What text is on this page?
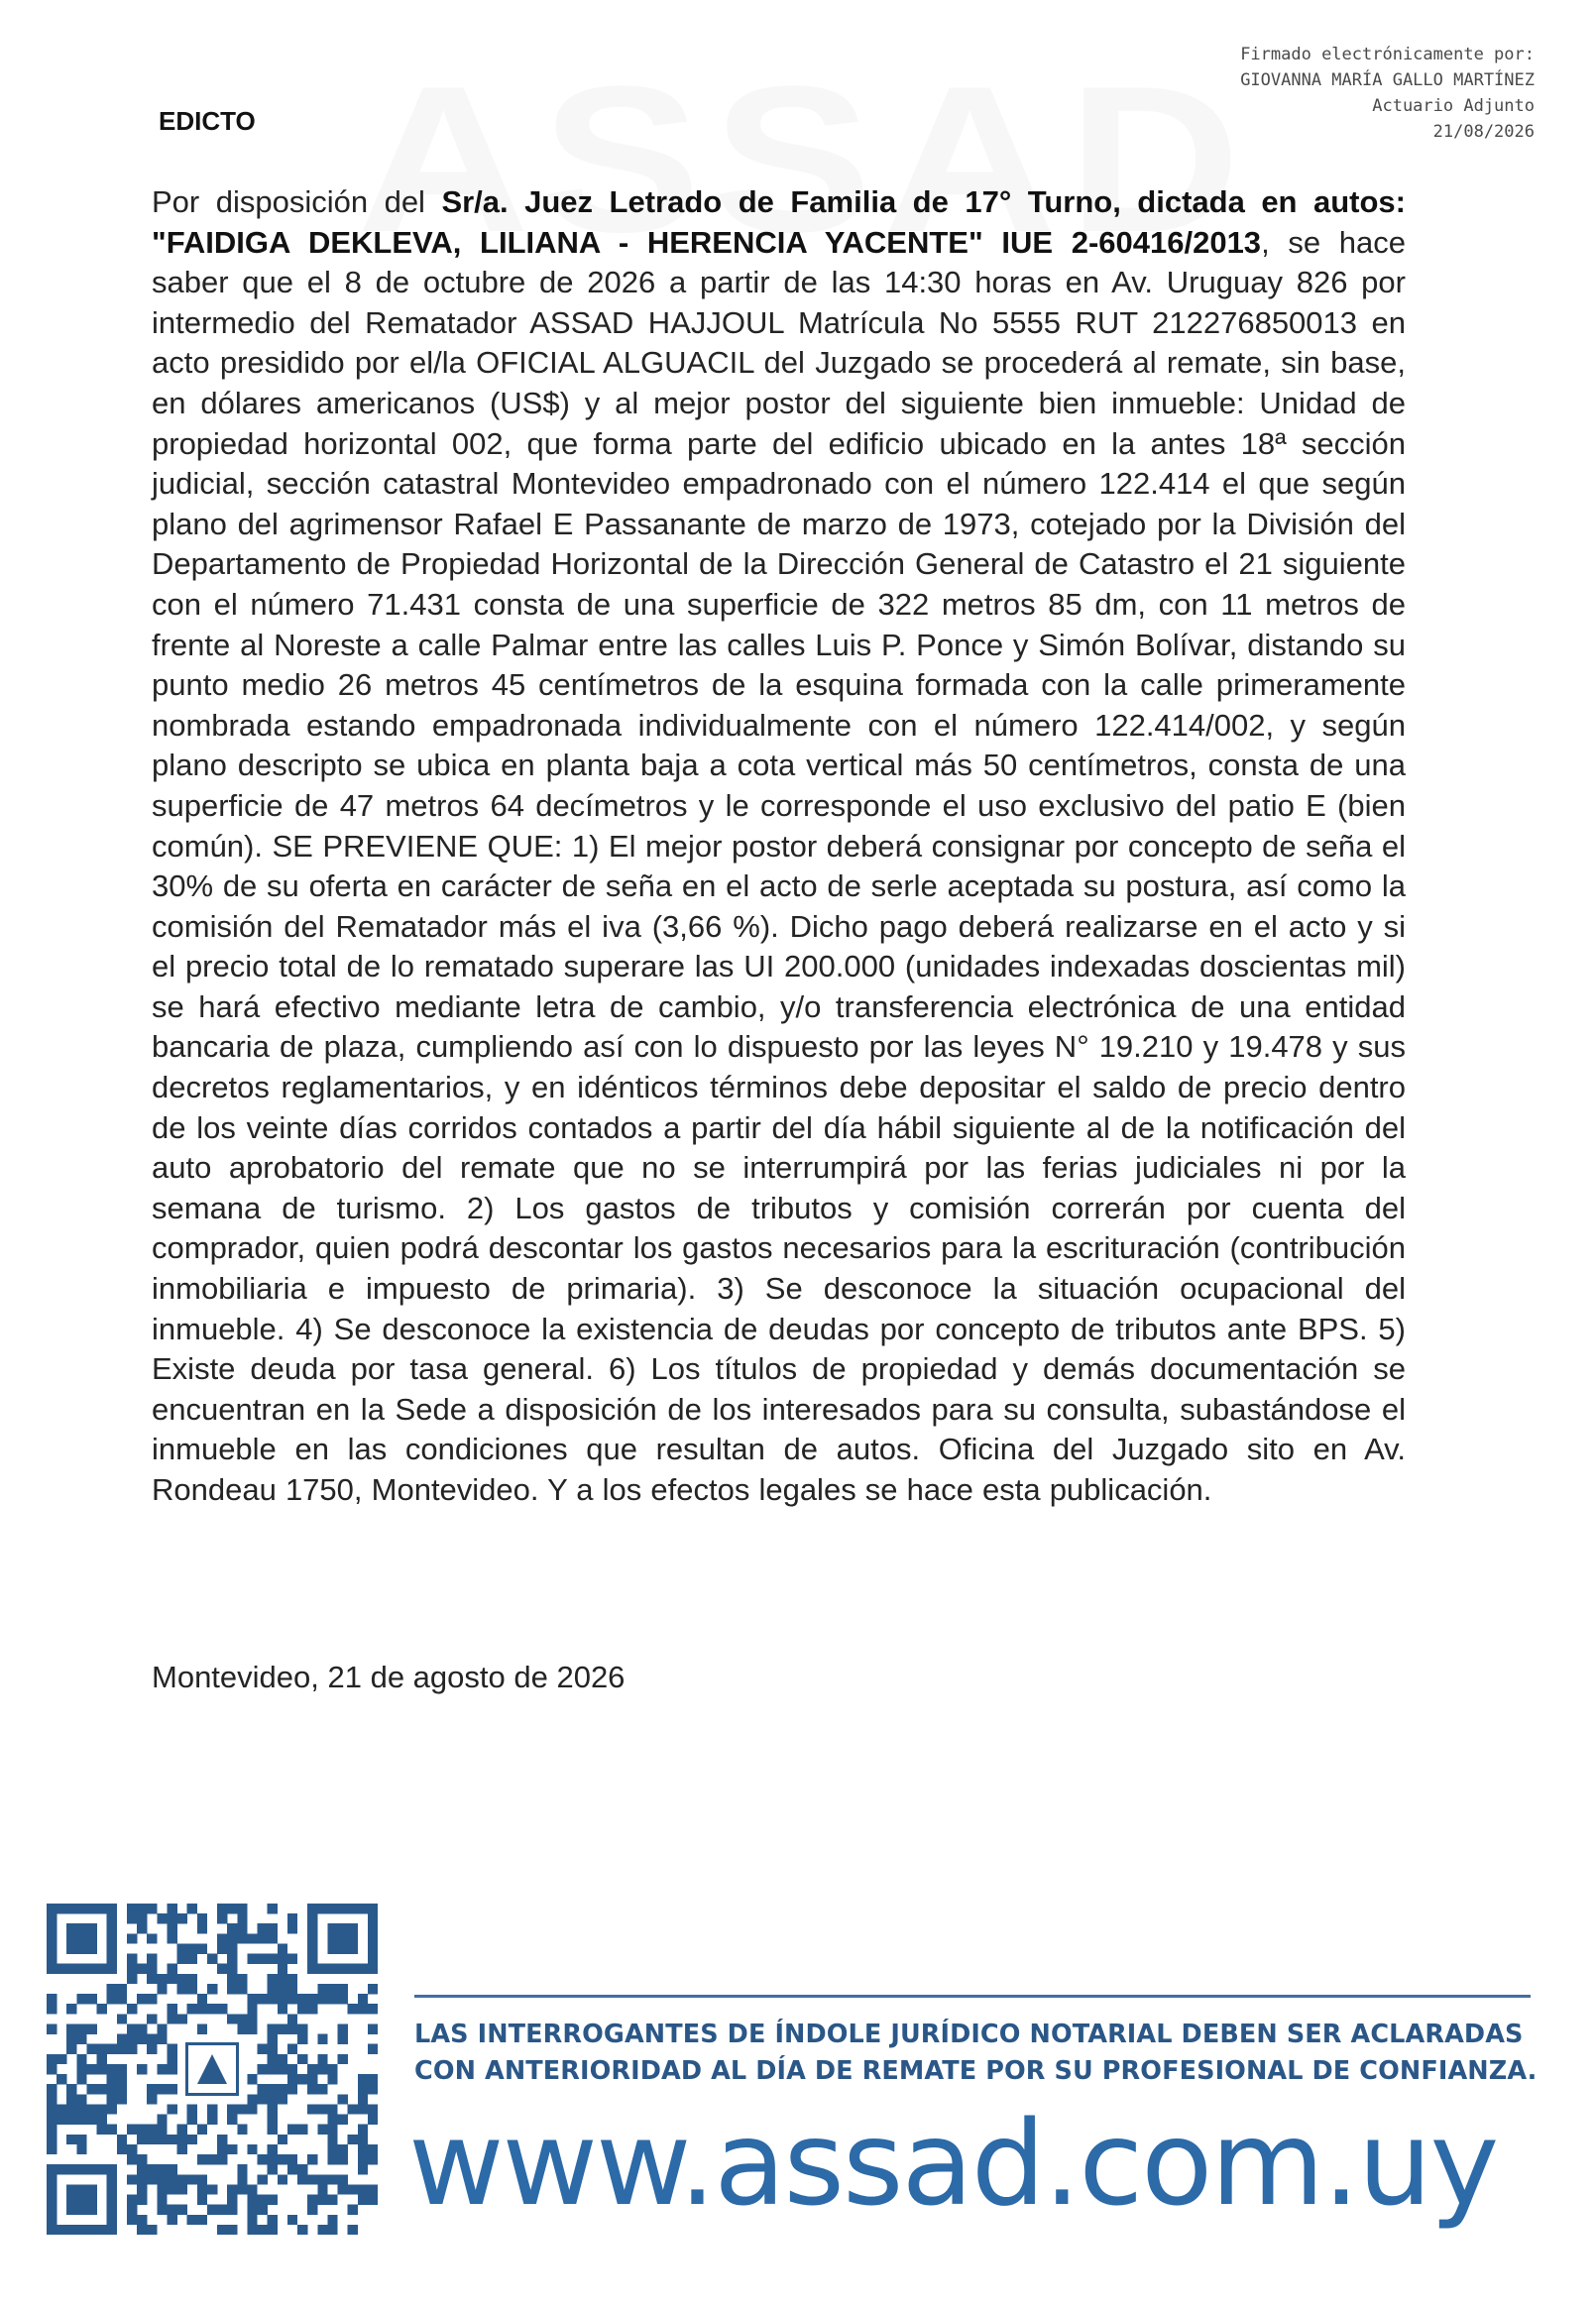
Firmado electrónicamente por:
GIOVANNA MARÍA GALLO MARTÍNEZ
Actuario Adjunto
21/08/2026
EDICTO
Por disposición del Sr/a. Juez Letrado de Familia de 17° Turno, dictada en autos: "FAIDIGA DEKLEVA, LILIANA - HERENCIA YACENTE" IUE 2-60416/2013, se hace saber que el 8 de octubre de 2026 a partir de las 14:30 horas en Av. Uruguay 826 por intermedio del Rematador ASSAD HAJJOUL Matrícula No 5555 RUT 212276850013 en acto presidido por el/la OFICIAL ALGUACIL del Juzgado se procederá al remate, sin base, en dólares americanos (US$) y al mejor postor del siguiente bien inmueble: Unidad de propiedad horizontal 002, que forma parte del edificio ubicado en la antes 18ª sección judicial, sección catastral Montevideo empadronado con el número 122.414 el que según plano del agrimensor Rafael E Passanante de marzo de 1973, cotejado por la División del Departamento de Propiedad Horizontal de la Dirección General de Catastro el 21 siguiente con el número 71.431 consta de una superficie de 322 metros 85 dm, con 11 metros de frente al Noreste a calle Palmar entre las calles Luis P. Ponce y Simón Bolívar, distando su punto medio 26 metros 45 centímetros de la esquina formada con la calle primeramente nombrada estando empadronada individualmente con el número 122.414/002, y según plano descripto se ubica en planta baja a cota vertical más 50 centímetros, consta de una superficie de 47 metros 64 decímetros y le corresponde el uso exclusivo del patio E (bien común). SE PREVIENE QUE: 1) El mejor postor deberá consignar por concepto de seña el 30% de su oferta en carácter de seña en el acto de serle aceptada su postura, así como la comisión del Rematador más el iva (3,66 %). Dicho pago deberá realizarse en el acto y si el precio total de lo rematado superare las UI 200.000 (unidades indexadas doscientas mil) se hará efectivo mediante letra de cambio, y/o transferencia electrónica de una entidad bancaria de plaza, cumpliendo así con lo dispuesto por las leyes N° 19.210 y 19.478 y sus decretos reglamentarios, y en idénticos términos debe depositar el saldo de precio dentro de los veinte días corridos contados a partir del día hábil siguiente al de la notificación del auto aprobatorio del remate que no se interrumpirá por las ferias judiciales ni por la semana de turismo. 2) Los gastos de tributos y comisión correrán por cuenta del comprador, quien podrá descontar los gastos necesarios para la escrituración (contribución inmobiliaria e impuesto de primaria). 3) Se desconoce la situación ocupacional del inmueble. 4) Se desconoce la existencia de deudas por concepto de tributos ante BPS. 5) Existe deuda por tasa general. 6) Los títulos de propiedad y demás documentación se encuentran en la Sede a disposición de los interesados para su consulta, subastándose el inmueble en las condiciones que resultan de autos. Oficina del Juzgado sito en Av. Rondeau 1750, Montevideo. Y a los efectos legales se hace esta publicación.
Montevideo, 21 de agosto de 2026
LAS INTERROGANTES DE ÍNDOLE JURÍDICO NOTARIAL DEBEN SER ACLARADAS
CON ANTERIORIDAD AL DÍA DE REMATE POR SU PROFESIONAL DE CONFIANZA.
www.assad.com.uy
